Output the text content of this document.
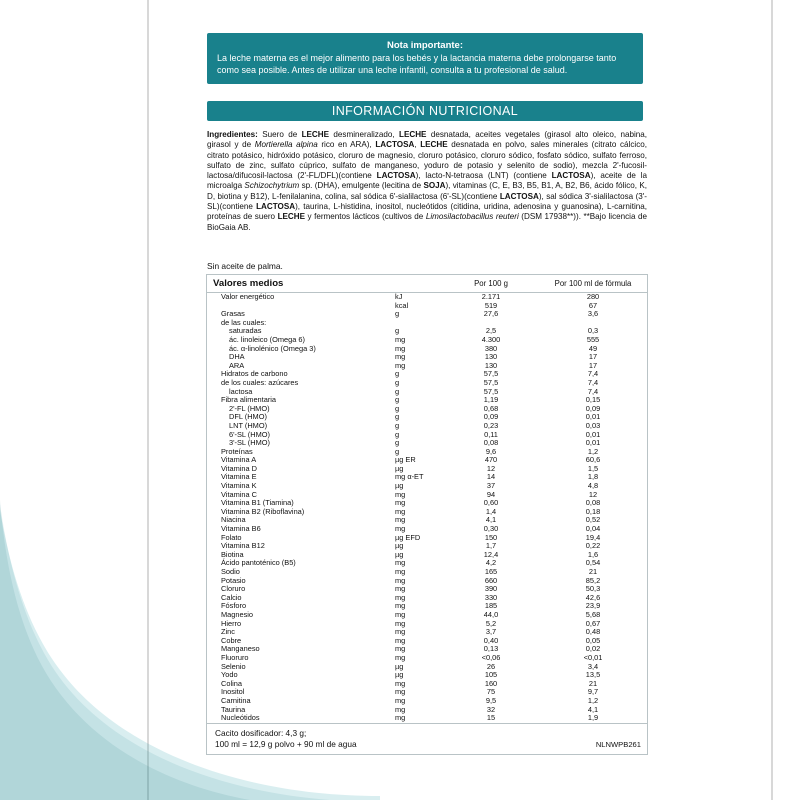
Nota importante:
La leche materna es el mejor alimento para los bebés y la lactancia materna debe prolongarse tanto como sea posible. Antes de utilizar una leche infantil, consulta a tu profesional de salud.
INFORMACIÓN NUTRICIONAL
Ingredientes: Suero de LECHE desmineralizado, LECHE desnatada, aceites vegetales (girasol alto oleico, nabina, girasol y de Mortierella alpina rico en ARA), LACTOSA, LECHE desnatada en polvo, sales minerales (citrato cálcico, citrato potásico, hidróxido potásico, cloruro de magnesio, cloruro potásico, cloruro sódico, fosfato sódico, sulfato ferroso, sulfato de zinc, sulfato cúprico, sulfato de manganeso, yoduro de potasio y selenito de sodio), mezcla 2'-fucosil-lactosa/difucosil-lactosa (2'-FL/DFL)(contiene LACTOSA), lacto-N-tetraosa (LNT) (contiene LACTOSA), aceite de la microalga Schizochytrium sp. (DHA), emulgente (lecitina de SOJA), vitaminas (C, E, B3, B5, B1, A, B2, B6, ácido fólico, K, D, biotina y B12), L-fenilalanina, colina, sal sódica 6'-sialilactosa (6'-SL)(contiene LACTOSA), sal sódica 3'-sialilactosa (3'-SL)(contiene LACTOSA), taurina, L-histidina, inositol, nucleótidos (citidina, uridina, adenosina y guanosina), L-carnitina, proteínas de suero LECHE y fermentos lácticos (cultivos de Limosilactobacillus reuteri (DSM 17938**)). **Bajo licencia de BioGaia AB.
Sin aceite de palma.
Valores medios		Por 100 g	Por 100 ml de fórmula
Valor energético	kJ	2.171	280
	kcal	519	67
Grasas	g	27,6	3,6
de las cuales:			
saturadas	g	2,5	0,3
ác. linoleico (Omega 6)	mg	4.300	555
ác. α-linolénico (Omega 3)	mg	380	49
DHA	mg	130	17
ARA	mg	130	17
Hidratos de carbono	g	57,5	7,4
de los cuales: azúcares	g	57,5	7,4
lactosa	g	57,5	7,4
Fibra alimentaria	g	1,19	0,15
2'-FL (HMO)	g	0,68	0,09
DFL (HMO)	g	0,09	0,01
LNT (HMO)	g	0,23	0,03
6'-SL (HMO)	g	0,11	0,01
3'-SL (HMO)	g	0,08	0,01
Proteínas	g	9,6	1,2
Vitamina A	µg ER	470	60,6
Vitamina D	µg	12	1,5
Vitamina E	mg α-ET	14	1,8
Vitamina K	µg	37	4,8
Vitamina C	mg	94	12
Vitamina B1 (Tiamina)	mg	0,60	0,08
Vitamina B2 (Riboflavina)	mg	1,4	0,18
Niacina	mg	4,1	0,52
Vitamina B6	mg	0,30	0,04
Folato	µg EFD	150	19,4
Vitamina B12	µg	1,7	0,22
Biotina	µg	12,4	1,6
Ácido pantoténico (B5)	mg	4,2	0,54
Sodio	mg	165	21
Potasio	mg	660	85,2
Cloruro	mg	390	50,3
Calcio	mg	330	42,6
Fósforo	mg	185	23,9
Magnesio	mg	44,0	5,68
Hierro	mg	5,2	0,67
Zinc	mg	3,7	0,48
Cobre	mg	0,40	0,05
Manganeso	mg	0,13	0,02
Fluoruro	mg	<0,06	<0,01
Selenio	µg	26	3,4
Yodo	µg	105	13,5
Colina	mg	160	21
Inositol	mg	75	9,7
Carnitina	mg	9,5	1,2
Taurina	mg	32	4,1
Nucleótidos	mg	15	1,9
Cacito dosificador: 4,3 g;
100 ml = 12,9 g polvo + 90 ml de agua	NLNWPB261
